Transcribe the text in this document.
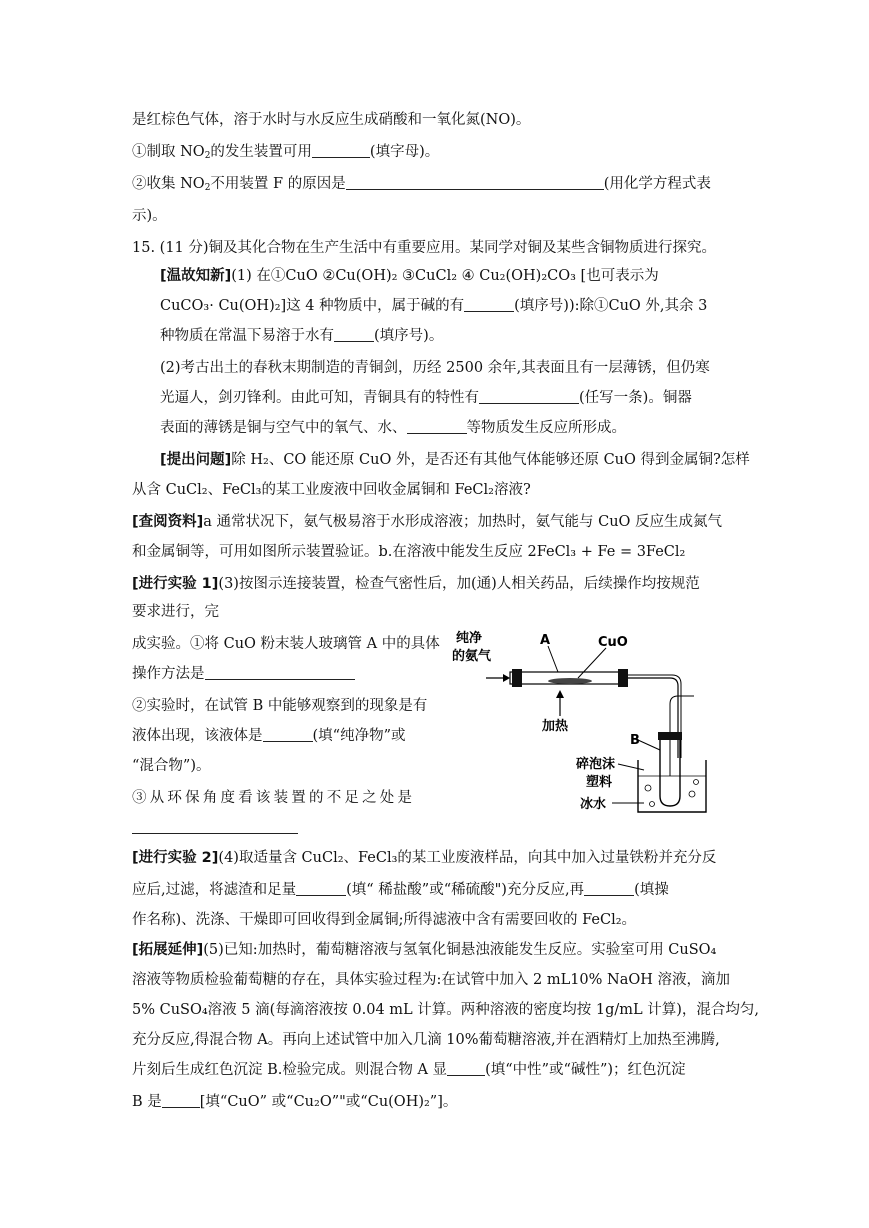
是红棕色气体，溶于水时与水反应生成硝酸和一氧化氮(NO)。
①制取 $NO_2$的发生装置可用	(填字母)。
②收集 $NO_2$不用装置 F 的原因是	(用化学方程式表
示)。
15. (11 分)铜及其化合物在生产生活中有重要应用。某同学对铜及某些含铜物质进行探究。
[温故知新](1) 在①CuO ②Cu(OH)₂ ③CuCl₂ ④ Cu₂(OH)₂CO₃ [也可表示为
CuCO₃· Cu(OH)₂]这 4 种物质中，属于碱的有	(填序号)):除①CuO 外,其余 3
种物质在常温下易溶于水有	(填序号)。
(2)考古出土的春秋末期制造的青铜剑，历经 2500 余年,其表面且有一层薄锈，但仍寒
光逼人，剑刃锋利。由此可知，青铜具有的特性有	(任写一条)。铜器
表面的薄锈是铜与空气中的氧气、水、	等物质发生反应所形成。
[提出问题]除 H₂、CO 能还原 CuO 外，是否还有其他气体能够还原 CuO 得到金属铜?怎样
从含 CuCl₂、FeCl₃的某工业废液中回收金属铜和 FeCl₂溶液?
[查阅资料]a 通常状况下，氨气极易溶于水形成溶液；加热时，氨气能与 CuO 反应生成氮气
和金属铜等，可用如图所示装置验证。b.在溶液中能发生反应 2FeCl₃ + Fe = 3FeCl₂
[进行实验 1](3)按图示连接装置，检查气密性后，加(通)人相关药品，后续操作均按规范
要求进行，完
成实验。①将 CuO 粉末装人玻璃管 A 中的具体
操作方法是
②实验时，在试管 B 中能够观察到的现象是有
液体出现，该液体是	(填“纯净物”或
“混合物”)。
③从环保角度看该装置的不足之处是
[进行实验 2](4)取适量含 CuCl₂、FeCl₃的某工业废液样品，向其中加入过量铁粉并充分反
应后,过滤，将滤渣和足量	(填“ 稀盐酸”或“稀硫酸")充分反应,再	(填操
作名称)、洗涤、干燥即可回收得到金属铜;所得滤液中含有需要回收的 FeCl₂。
[拓展延伸](5)已知:加热时，葡萄糖溶液与氢氧化铜悬浊液能发生反应。实验室可用 CuSO₄
溶液等物质检验葡萄糖的存在，具体实验过程为:在试管中加入 2 mL10% NaOH 溶液，滴加
5% CuSO₄溶液 5 滴(每滴溶液按 0.04 mL 计算。两种溶液的密度均按 1g/mL 计算)，混合均匀,
充分反应,得混合物 A。再向上述试管中加入几滴 10%葡萄糖溶液,并在酒精灯上加热至沸腾,
片刻后生成红色沉淀 B.检验完成。则混合物 A 显	(填“中性”或“碱性”)；红色沉淀
B 是	[填“CuO” 或“Cu₂O”"或“Cu(OH)₂”]。
纯净
的氨气
A	CuO
加热
B
碎泡沫
塑料
冰水
